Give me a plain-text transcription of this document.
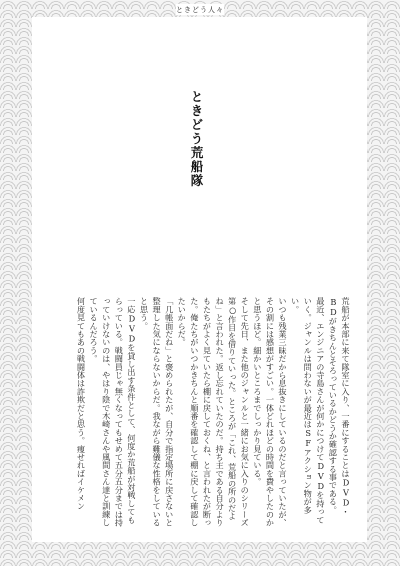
ときどう人々
ときどう荒船隊

荒船が本部に来て隊室に入り、一番にすることはDVD・BDがきちんとそろっているかどうか確認する事である。

最近、エンジニアの寺島さんが何かにつけてDVDを持っていく。ジャンルは問わないが最近はSFアクション物が多い。

いつも残業三昧だから息抜きにしているのだと言っていたが、その割には感想がすごい。一体どれほどの時間を費やしたのかと思うほど。細かいところまでしっかり見ている。

そして先日、また他のジャンルと一緒にお気に入りのシリーズ第○作目を借りていった。ところが「これ、荒船の所のだよね」と言われた。返し忘れていたのだ。持ち主である自分よりもたちがよく見ていたら棚に戻しておくね、と言われたが断った。俺たちがいつかきちんと順番を確認して棚に戻して確認したいからだ。

「几帳面だね」と褒められたが、自分で指定場所に戻さないと整理した気にならないからだ。我ながら難儀な性格をしていると思う。

一応DVDを貸し出す条件として、何度か荒船が対戦してもらっている。戦闘員じゃ無くなってもせめて五分五分までは持っていけないのは、やはり陰で木崎さんや風間さん達と訓練しているんだろう。

何度見てもあの戦闘体は詐欺だと思う。痩せればイケメン
